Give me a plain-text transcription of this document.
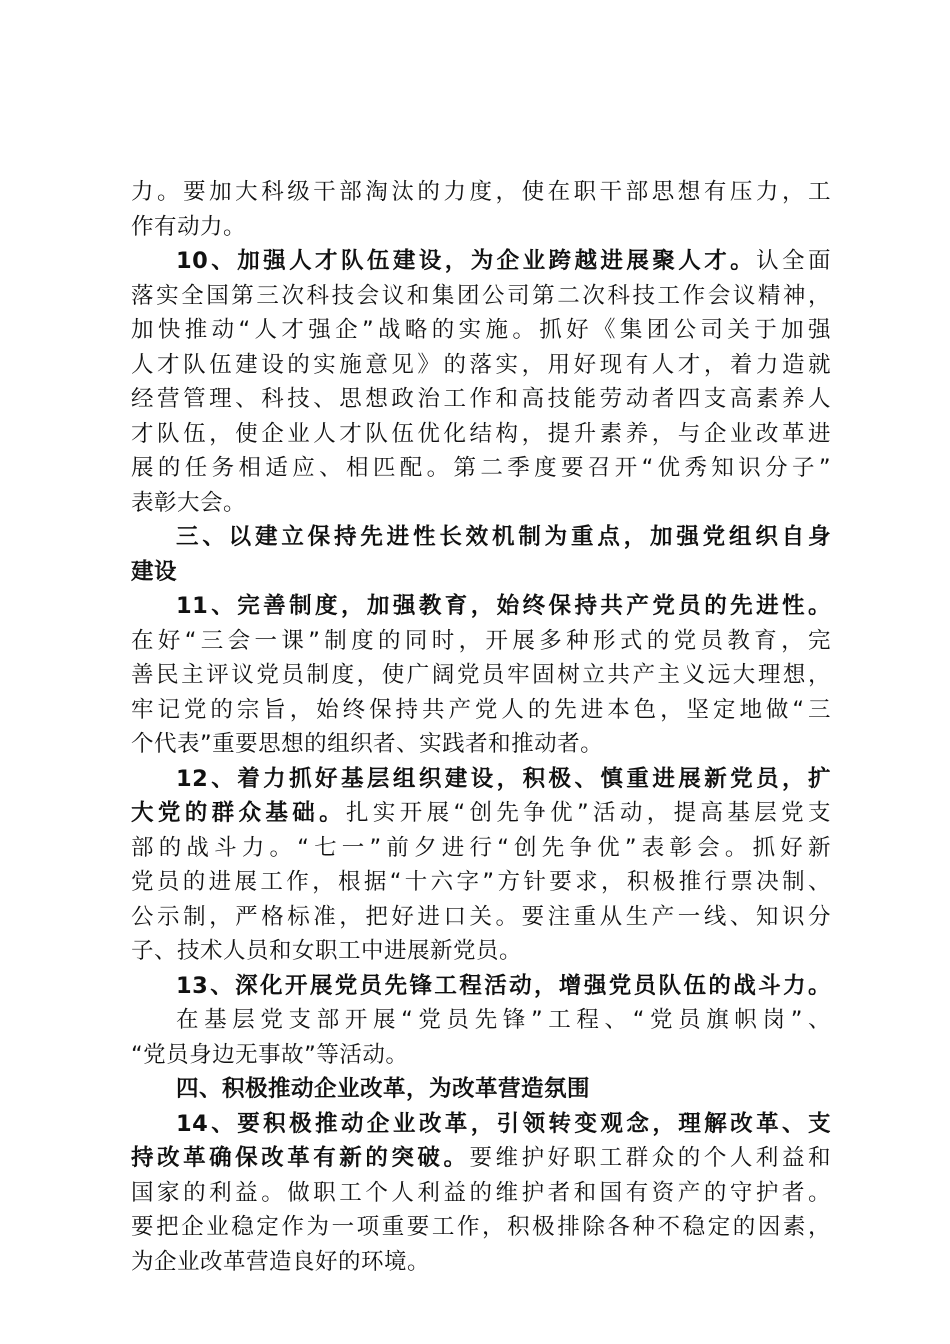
力。要加大科级干部淘汰的力度，使在职干部思想有压力，工
作有动力。
10、加强人才队伍建设，为企业跨越进展聚人才。认全面
落实全国第三次科技会议和集团公司第二次科技工作会议精神，
加快推动“人才强企”战略的实施。抓好《集团公司关于加强
人才队伍建设的实施意见》的落实，用好现有人才，着力造就
经营管理、科技、思想政治工作和高技能劳动者四支高素养人
才队伍，使企业人才队伍优化结构，提升素养，与企业改革进
展的任务相适应、相匹配。第二季度要召开“优秀知识分子”
表彰大会。
三、以建立保持先进性长效机制为重点，加强党组织自身
建设
11、完善制度，加强教育，始终保持共产党员的先进性。
在好“三会一课”制度的同时，开展多种形式的党员教育，完
善民主评议党员制度，使广阔党员牢固树立共产主义远大理想，
牢记党的宗旨，始终保持共产党人的先进本色，坚定地做“三
个代表”重要思想的组织者、实践者和推动者。
12、着力抓好基层组织建设，积极、慎重进展新党员，扩
大党的群众基础。扎实开展“创先争优”活动，提高基层党支
部的战斗力。“七一”前夕进行“创先争优”表彰会。抓好新
党员的进展工作，根据“十六字”方针要求，积极推行票决制、
公示制，严格标准，把好进口关。要注重从生产一线、知识分
子、技术人员和女职工中进展新党员。
13、深化开展党员先锋工程活动，增强党员队伍的战斗力。
在基层党支部开展“党员先锋”工程、“党员旗帜岗”、
“党员身边无事故”等活动。
四、积极推动企业改革，为改革营造氛围
14、要积极推动企业改革，引领转变观念，理解改革、支
持改革确保改革有新的突破。要维护好职工群众的个人利益和
国家的利益。做职工个人利益的维护者和国有资产的守护者。
要把企业稳定作为一项重要工作，积极排除各种不稳定的因素，
为企业改革营造良好的环境。
